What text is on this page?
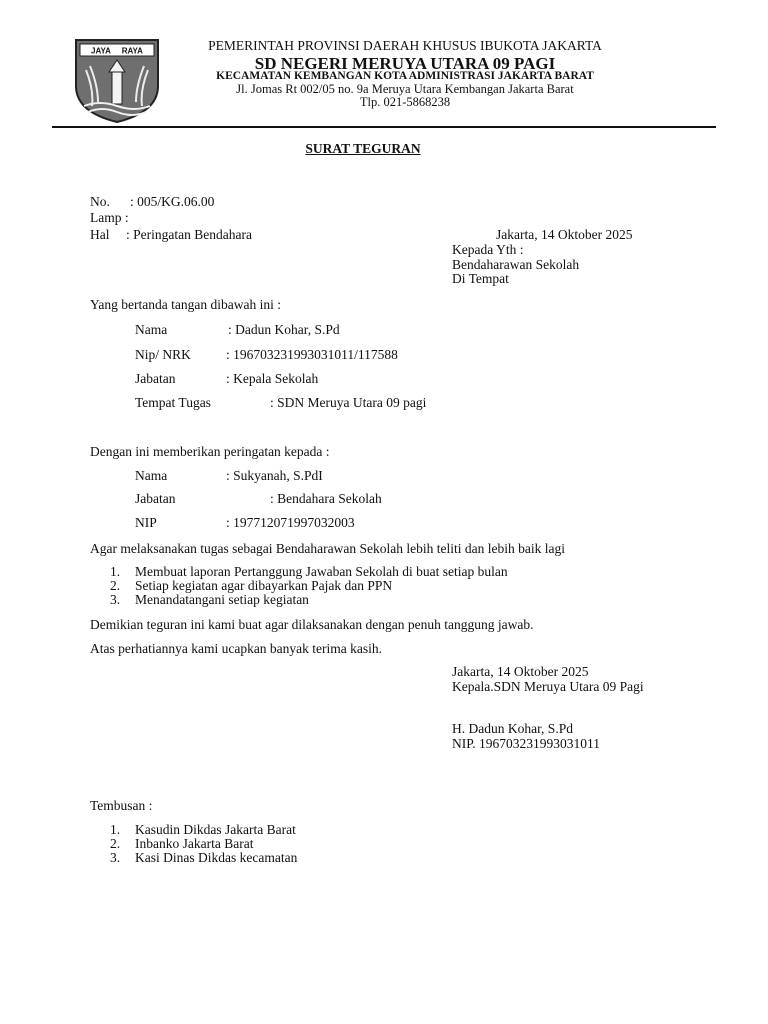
JAYA     RAYA	PEMERINTAH PROVINSI DAERAH KHUSUS IBUKOTA JAKARTA
SD NEGERI MERUYA UTARA 09 PAGI
KECAMATAN KEMBANGAN KOTA ADMINISTRASI JAKARTA BARAT
Jl. Jomas Rt 002/05 no. 9a Meruya Utara Kembangan Jakarta Barat
Tlp. 021-5868238
SURAT TEGURAN
No. : 005/KG.06.00
Lamp :
Hal : Peringatan Bendahara	Jakarta, 14 Oktober 2025
Kepada Yth :
Bendaharawan Sekolah
Di Tempat
Yang bertanda tangan dibawah ini :
Nama	: Dadun Kohar, S.Pd
Nip/ NRK	: 196703231993031011/117588
Jabatan	: Kepala Sekolah
Tempat Tugas	: SDN Meruya Utara 09 pagi
Dengan ini memberikan peringatan kepada :
Nama	: Sukyanah, S.PdI
Jabatan	: Bendahara Sekolah
NIP	: 197712071997032003
Agar melaksanakan tugas sebagai Bendaharawan Sekolah lebih teliti dan lebih baik lagi
1. Membuat laporan Pertanggung Jawaban Sekolah di buat setiap bulan
2. Setiap kegiatan agar dibayarkan Pajak dan PPN
3. Menandatangani setiap kegiatan
Demikian teguran ini kami buat agar dilaksanakan dengan penuh tanggung jawab.
Atas perhatiannya kami ucapkan banyak terima kasih.
Jakarta, 14 Oktober 2025
Kepala.SDN Meruya Utara 09 Pagi
H. Dadun Kohar, S.Pd
NIP. 196703231993031011
Tembusan :
1. Kasudin Dikdas Jakarta Barat
2. Inbanko Jakarta Barat
3. Kasi Dinas Dikdas kecamatan
